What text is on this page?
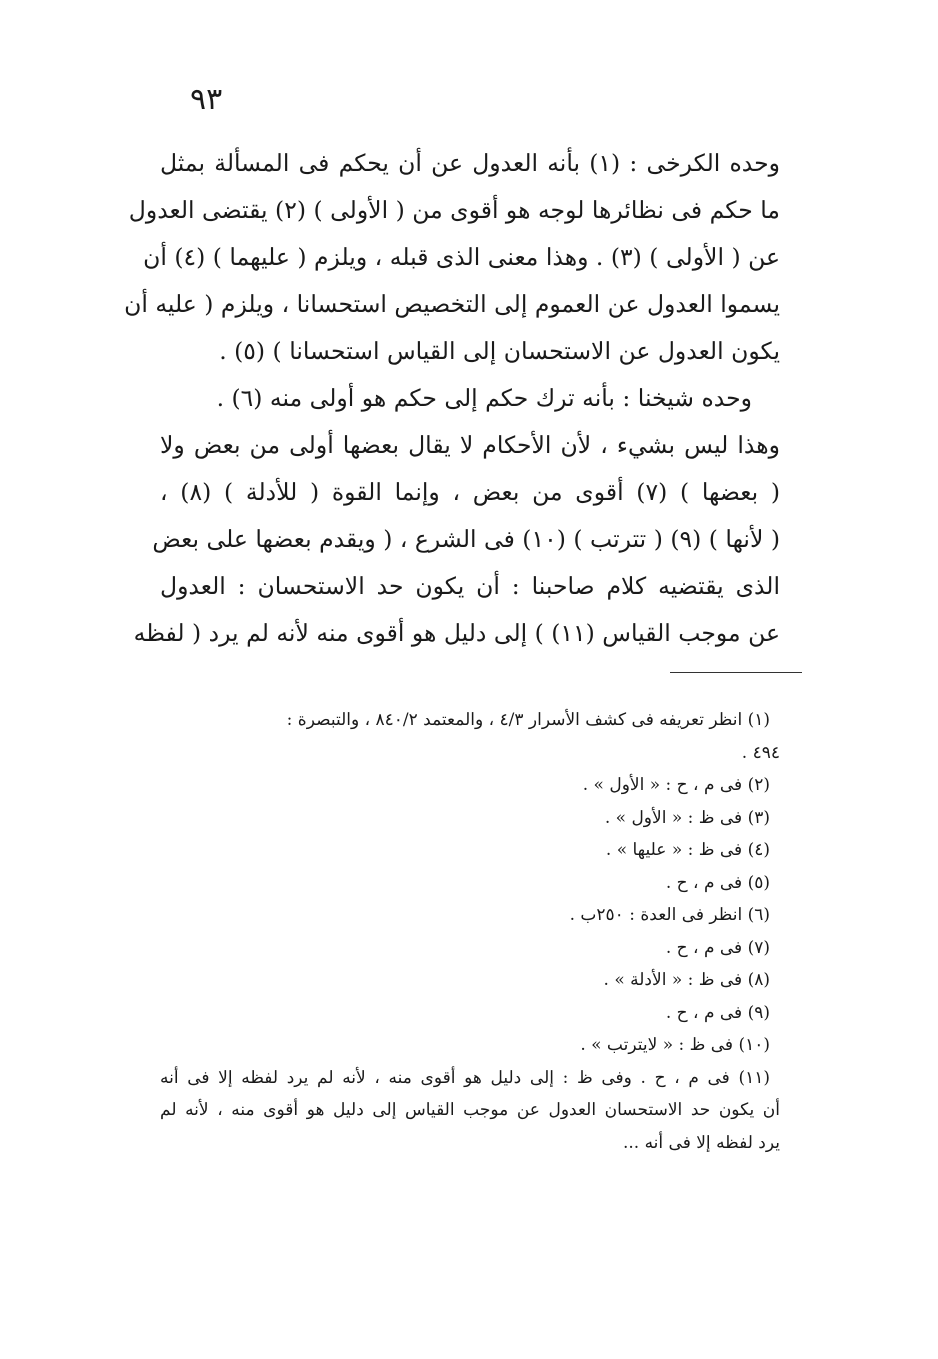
٩٣
وحده الكرخى : (١) بأنه العدول عن أن يحكم فى المسألة بمثل
ما حكم فى نظائرها لوجه هو أقوى من ( الأولى ) (٢) يقتضى العدول
عن ( الأولى ) (٣) . وهذا معنى الذى قبله ، ويلزم ( عليهما ) (٤) أن
يسموا العدول عن العموم إلى التخصيص استحسانا ، ويلزم ( عليه أن
يكون العدول عن الاستحسان إلى القياس استحسانا ) (٥) .
وحده شيخنا : بأنه ترك حكم إلى حكم هو أولى منه (٦) .
وهذا ليس بشيء ، لأن الأحكام لا يقال بعضها أولى من بعض ولا
( بعضها ) (٧) أقوى من بعض ، وإنما القوة ( للأدلة ) (٨) ،
( لأنها ) (٩) ( تترتب ) (١٠) فى الشرع ، ( ويقدم بعضها على بعض
الذى يقتضيه كلام صاحبنا : أن يكون حد الاستحسان : العدول
عن موجب القياس (١١) ) إلى دليل هو أقوى منه لأنه لم يرد ( لفظه
(١) انظر تعريفه فى كشف الأسرار ٤/٣ ، والمعتمد ٨٤٠/٢ ، والتبصرة :
٤٩٤ .
(٢) فى م ، ح : « الأول » .
(٣) فى ظ : « الأول » .
(٤) فى ظ : « عليها » .
(٥) فى م ، ح .
(٦) انظر فى العدة : ٢٥٠ب .
(٧) فى م ، ح .
(٨) فى ظ : « الأدلة » .
(٩) فى م ، ح .
(١٠) فى ظ : « لايترتب » .
(١١) فى م ، ح . وفى ظ : إلى دليل هو أقوى منه ، لأنه لم يرد لفظه إلا فى أنه
أن يكون حد الاستحسان العدول عن موجب القياس إلى دليل هو أقوى منه ، لأنه لم
يرد لفظه إلا فى أنه ...
